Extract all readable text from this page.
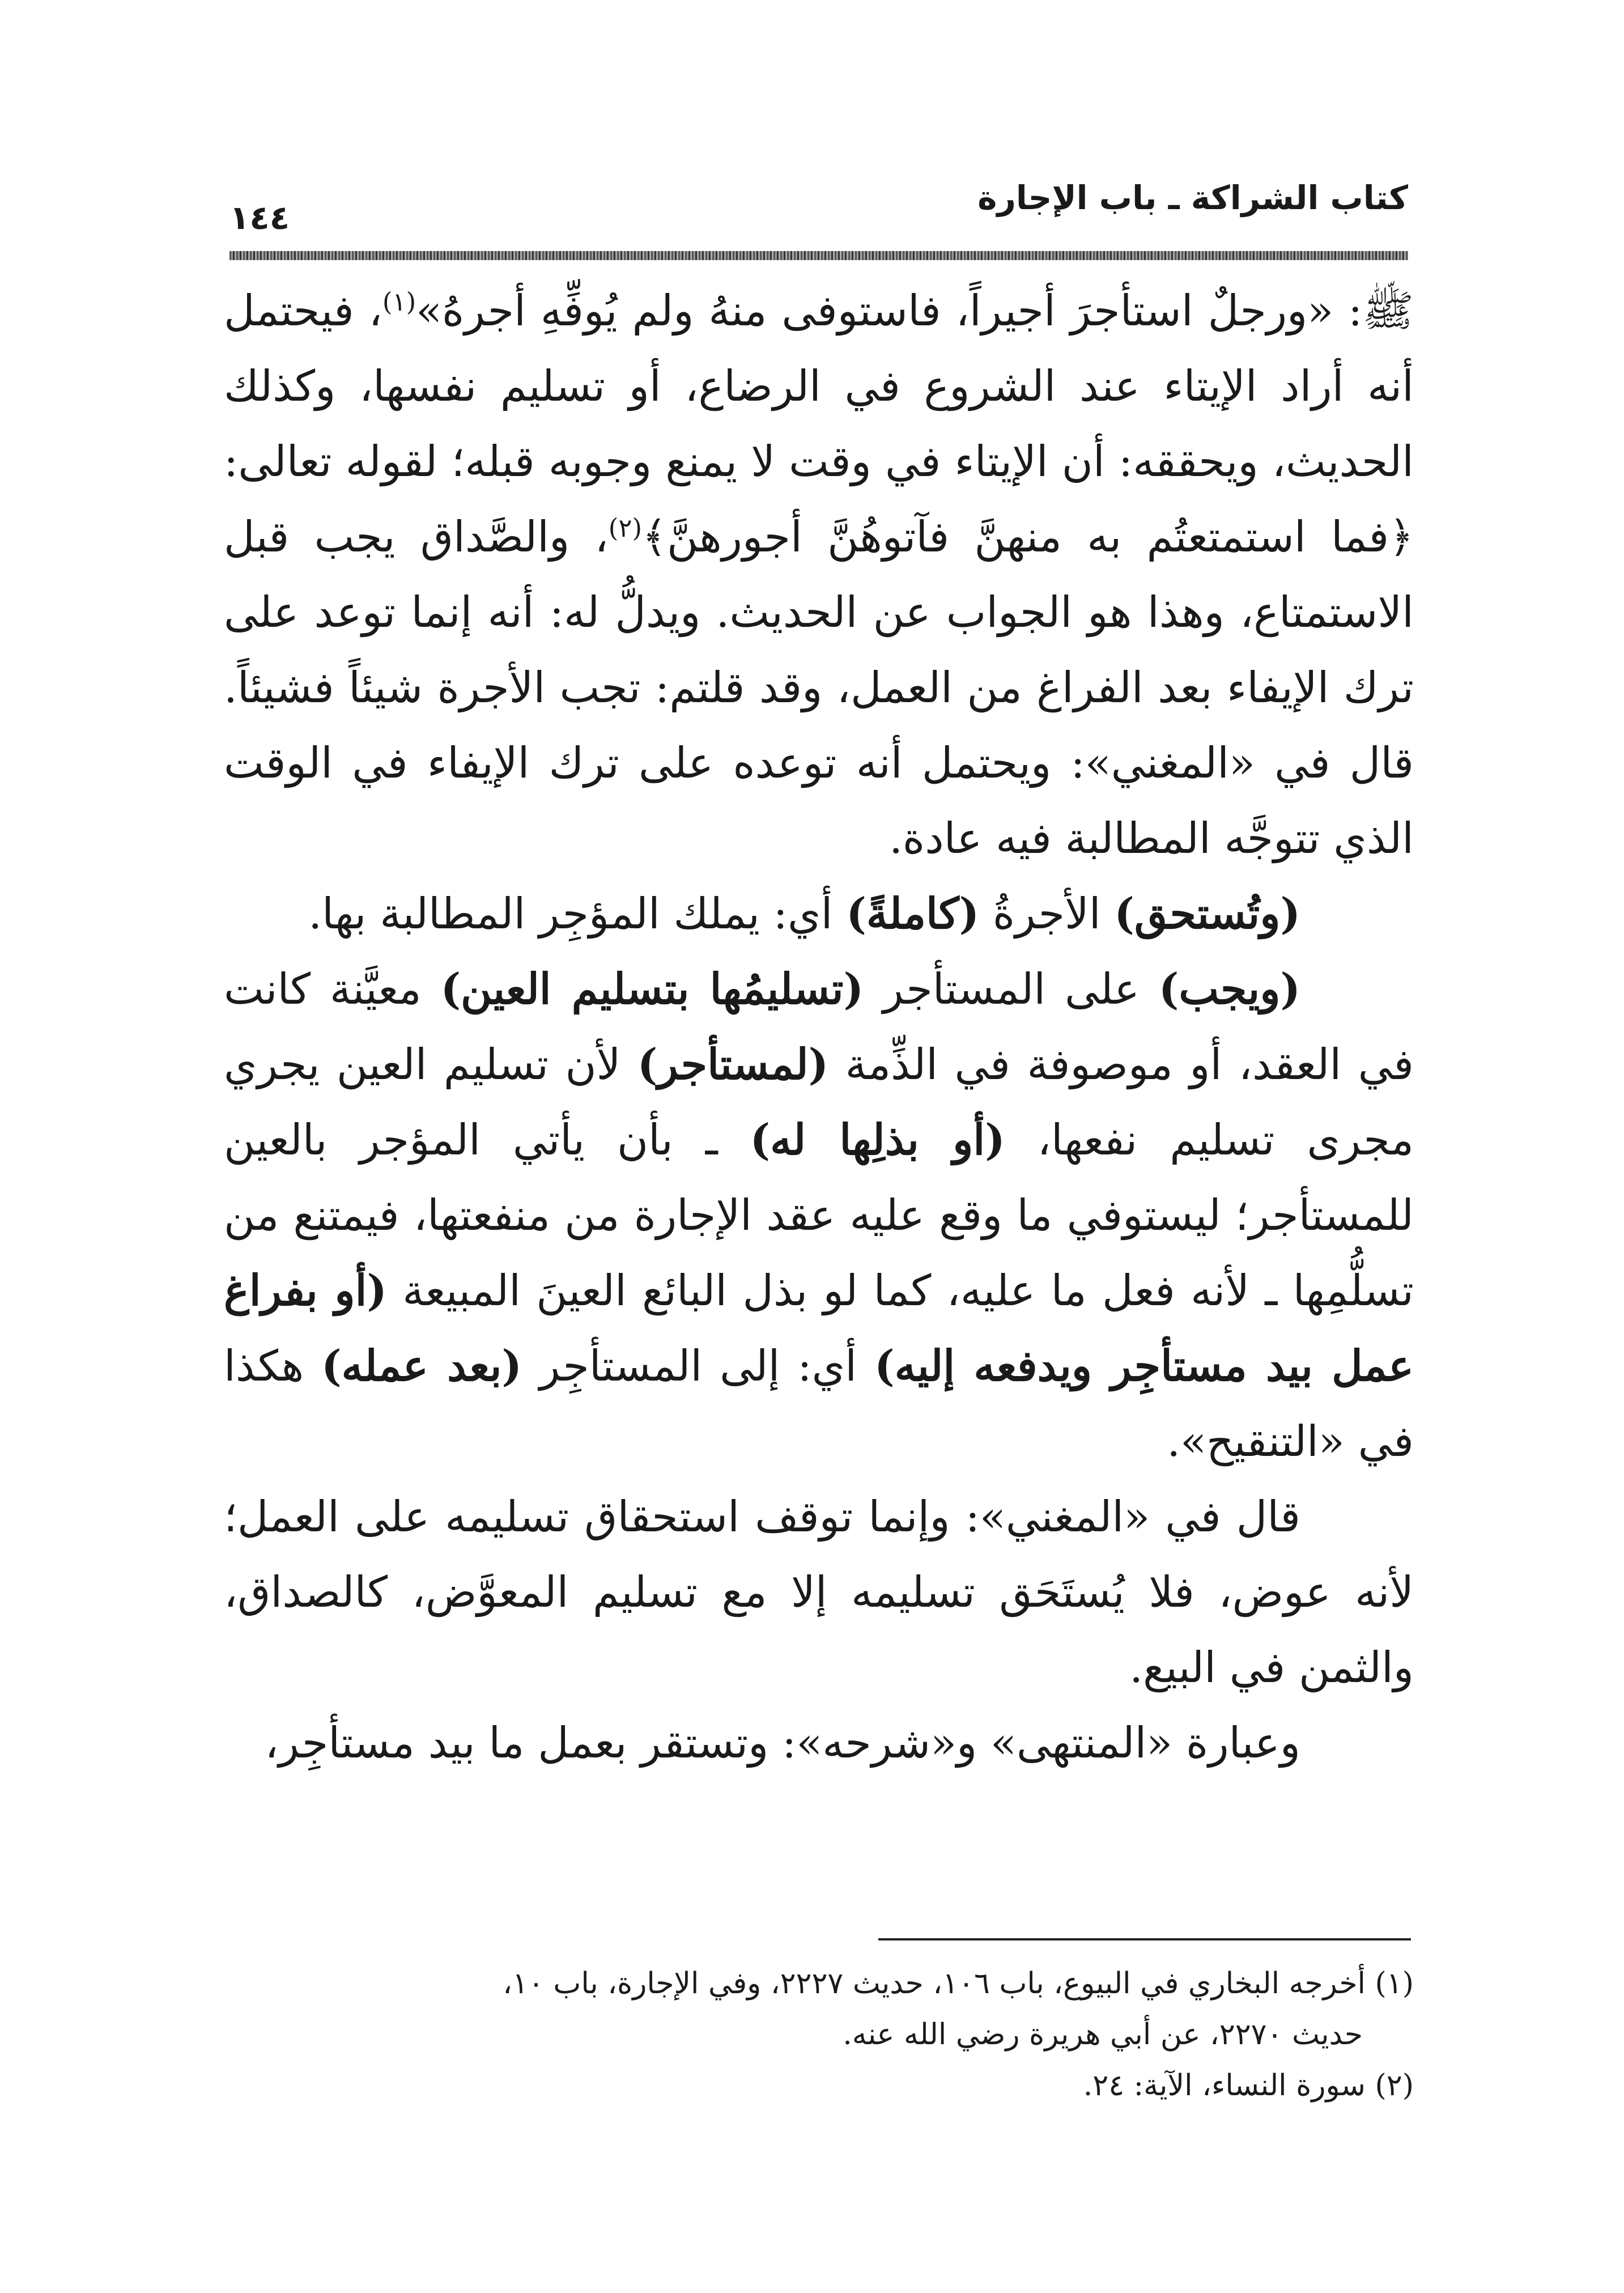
كتاب الشراكة ـ باب الإجارة
١٤٤

ﷺ: «ورجلٌ استأجرَ أجيراً، فاستوفى منهُ ولم يُوفِّهِ أجرهُ»$^{(١)}$، فيحتمل أنه أراد الإيتاء عند الشروع في الرضاع، أو تسليم نفسها، وكذلك الحديث، ويحققه: أن الإيتاء في وقت لا يمنع وجوبه قبله؛ لقوله تعالى: ﴿فما استمتعتُم به منهنَّ فآتوهُنَّ أجورهنَّ﴾$^{(٢)}$، والصَّداق يجب قبل الاستمتاع، وهذا هو الجواب عن الحديث. ويدلُّ له: أنه إنما توعد على ترك الإيفاء بعد الفراغ من العمل، وقد قلتم: تجب الأجرة شيئاً فشيئاً. قال في «المغني»: ويحتمل أنه توعده على ترك الإيفاء في الوقت الذي تتوجَّه المطالبة فيه عادة.

(وتُستحق) الأجرةُ (كاملةً) أي: يملك المؤجِر المطالبة بها.

(ويجب) على المستأجر (تسليمُها بتسليم العين) معيَّنة كانت في العقد، أو موصوفة في الذِّمة (لمستأجر) لأن تسليم العين يجري مجرى تسليم نفعها، (أو بذلِها له) ـ بأن يأتي المؤجر بالعين للمستأجر؛ ليستوفي ما وقع عليه عقد الإجارة من منفعتها، فيمتنع من تسلُّمِها ـ لأنه فعل ما عليه، كما لو بذل البائع العينَ المبيعة (أو بفراغ عمل بيد مستأجِر ويدفعه إليه) أي: إلى المستأجِر (بعد عمله) هكذا في «التنقيح».

قال في «المغني»: وإنما توقف استحقاق تسليمه على العمل؛ لأنه عوض، فلا يُستَحَق تسليمه إلا مع تسليم المعوَّض، كالصداق، والثمن في البيع.

وعبارة «المنتهى» و«شرحه»: وتستقر بعمل ما بيد مستأجِر،

(١) أخرجه البخاري في البيوع، باب ١٠٦، حديث ٢٢٢٧، وفي الإجارة، باب ١٠،

حديث ٢٢٧٠، عن أبي هريرة رضي الله عنه.

(٢) سورة النساء، الآية: ٢٤.
